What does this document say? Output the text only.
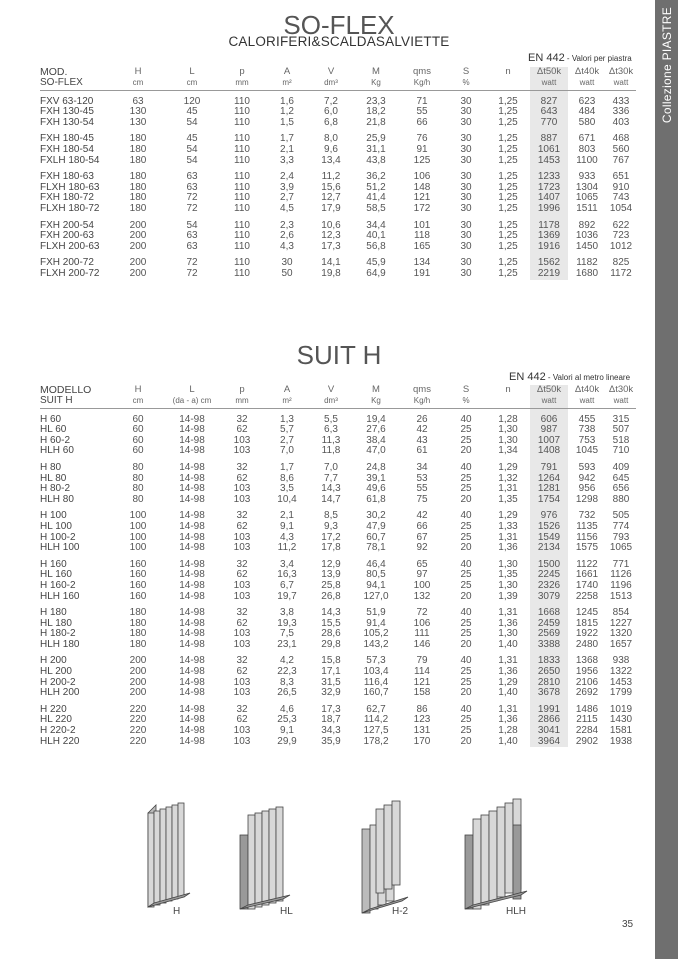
Collezione PIASTRE
SO-FLEX
CALORIFERI&SCALDASALVIETTE
EN 442 - Valori per piastra
MOD.	H	L	p	A	V	M	qms	S	n	Δt50k	Δt40k	Δt30k
SO-FLEX	cm	cm	mm	m²	dm³	Kg	Kg/h	%		watt	watt	watt

FXV 63-120	63	120	110	1,6	7,2	23,3	71	30	1,25	827	623	433
FXH 130-45	130	45	110	1,2	6,0	18,2	55	30	1,25	643	484	336
FXH 130-54	130	54	110	1,5	6,8	21,8	66	30	1,25	770	580	403

FXH 180-45	180	45	110	1,7	8,0	25,9	76	30	1,25	887	671	468
FXH 180-54	180	54	110	2,1	9,6	31,1	91	30	1,25	1061	803	560
FXLH 180-54	180	54	110	3,3	13,4	43,8	125	30	1,25	1453	1100	767

FXH 180-63	180	63	110	2,4	11,2	36,2	106	30	1,25	1233	933	651
FLXH 180-63	180	63	110	3,9	15,6	51,2	148	30	1,25	1723	1304	910
FXH 180-72	180	72	110	2,7	12,7	41,4	121	30	1,25	1407	1065	743
FLXH 180-72	180	72	110	4,5	17,9	58,5	172	30	1,25	1996	1511	1054

FXH 200-54	200	54	110	2,3	10,6	34,4	101	30	1,25	1178	892	622
FXH 200-63	200	63	110	2,6	12,3	40,1	118	30	1,25	1369	1036	723
FLXH 200-63	200	63	110	4,3	17,3	56,8	165	30	1,25	1916	1450	1012

FXH 200-72	200	72	110	30	14,1	45,9	134	30	1,25	1562	1182	825
FLXH 200-72	200	72	110	50	19,8	64,9	191	30	1,25	2219	1680	1172
SUIT H
EN 442 - Valori al metro lineare
MODELLO	H	L	p	A	V	M	qms	S	n	Δt50k	Δt40k	Δt30k
SUIT H	cm	(da - a) cm	mm	m²	dm³	Kg	Kg/h	%		watt	watt	watt

H 60	60	14-98	32	1,3	5,5	19,4	26	40	1,28	606	455	315
HL 60	60	14-98	62	5,7	6,3	27,6	42	25	1,30	987	738	507
H 60-2	60	14-98	103	2,7	11,3	38,4	43	25	1,30	1007	753	518
HLH 60	60	14-98	103	7,0	11,8	47,0	61	20	1,34	1408	1045	710

H 80	80	14-98	32	1,7	7,0	24,8	34	40	1,29	791	593	409
HL 80	80	14-98	62	8,6	7,7	39,1	53	25	1,32	1264	942	645
H 80-2	80	14-98	103	3,5	14,3	49,6	55	25	1,31	1281	956	656
HLH 80	80	14-98	103	10,4	14,7	61,8	75	20	1,35	1754	1298	880

H 100	100	14-98	32	2,1	8,5	30,2	42	40	1,29	976	732	505
HL 100	100	14-98	62	9,1	9,3	47,9	66	25	1,33	1526	1135	774
H 100-2	100	14-98	103	4,3	17,2	60,7	67	25	1,31	1549	1156	793
HLH 100	100	14-98	103	11,2	17,8	78,1	92	20	1,36	2134	1575	1065

H 160	160	14-98	32	3,4	12,9	46,4	65	40	1,30	1500	1122	771
HL 160	160	14-98	62	16,3	13,9	80,5	97	25	1,35	2245	1661	1126
H 160-2	160	14-98	103	6,7	25,8	94,1	100	25	1,30	2326	1740	1196
HLH 160	160	14-98	103	19,7	26,8	127,0	132	20	1,39	3079	2258	1513

H 180	180	14-98	32	3,8	14,3	51,9	72	40	1,31	1668	1245	854
HL 180	180	14-98	62	19,3	15,5	91,4	106	25	1,36	2459	1815	1227
H 180-2	180	14-98	103	7,5	28,6	105,2	111	25	1,30	2569	1922	1320
HLH 180	180	14-98	103	23,1	29,8	143,2	146	20	1,40	3388	2480	1657

H 200	200	14-98	32	4,2	15,8	57,3	79	40	1,31	1833	1368	938
HL 200	200	14-98	62	22,3	17,1	103,4	114	25	1,36	2650	1956	1322
H 200-2	200	14-98	103	8,3	31,5	116,4	121	25	1,29	2810	2106	1453
HLH 200	200	14-98	103	26,5	32,9	160,7	158	20	1,40	3678	2692	1799

H 220	220	14-98	32	4,6	17,3	62,7	86	40	1,31	1991	1486	1019
HL 220	220	14-98	62	25,3	18,7	114,2	123	25	1,36	2866	2115	1430
H 220-2	220	14-98	103	9,1	34,3	127,5	131	25	1,28	3041	2284	1581
HLH 220	220	14-98	103	29,9	35,9	178,2	170	20	1,40	3964	2902	1938
H	HL	H-2	HLH
35
